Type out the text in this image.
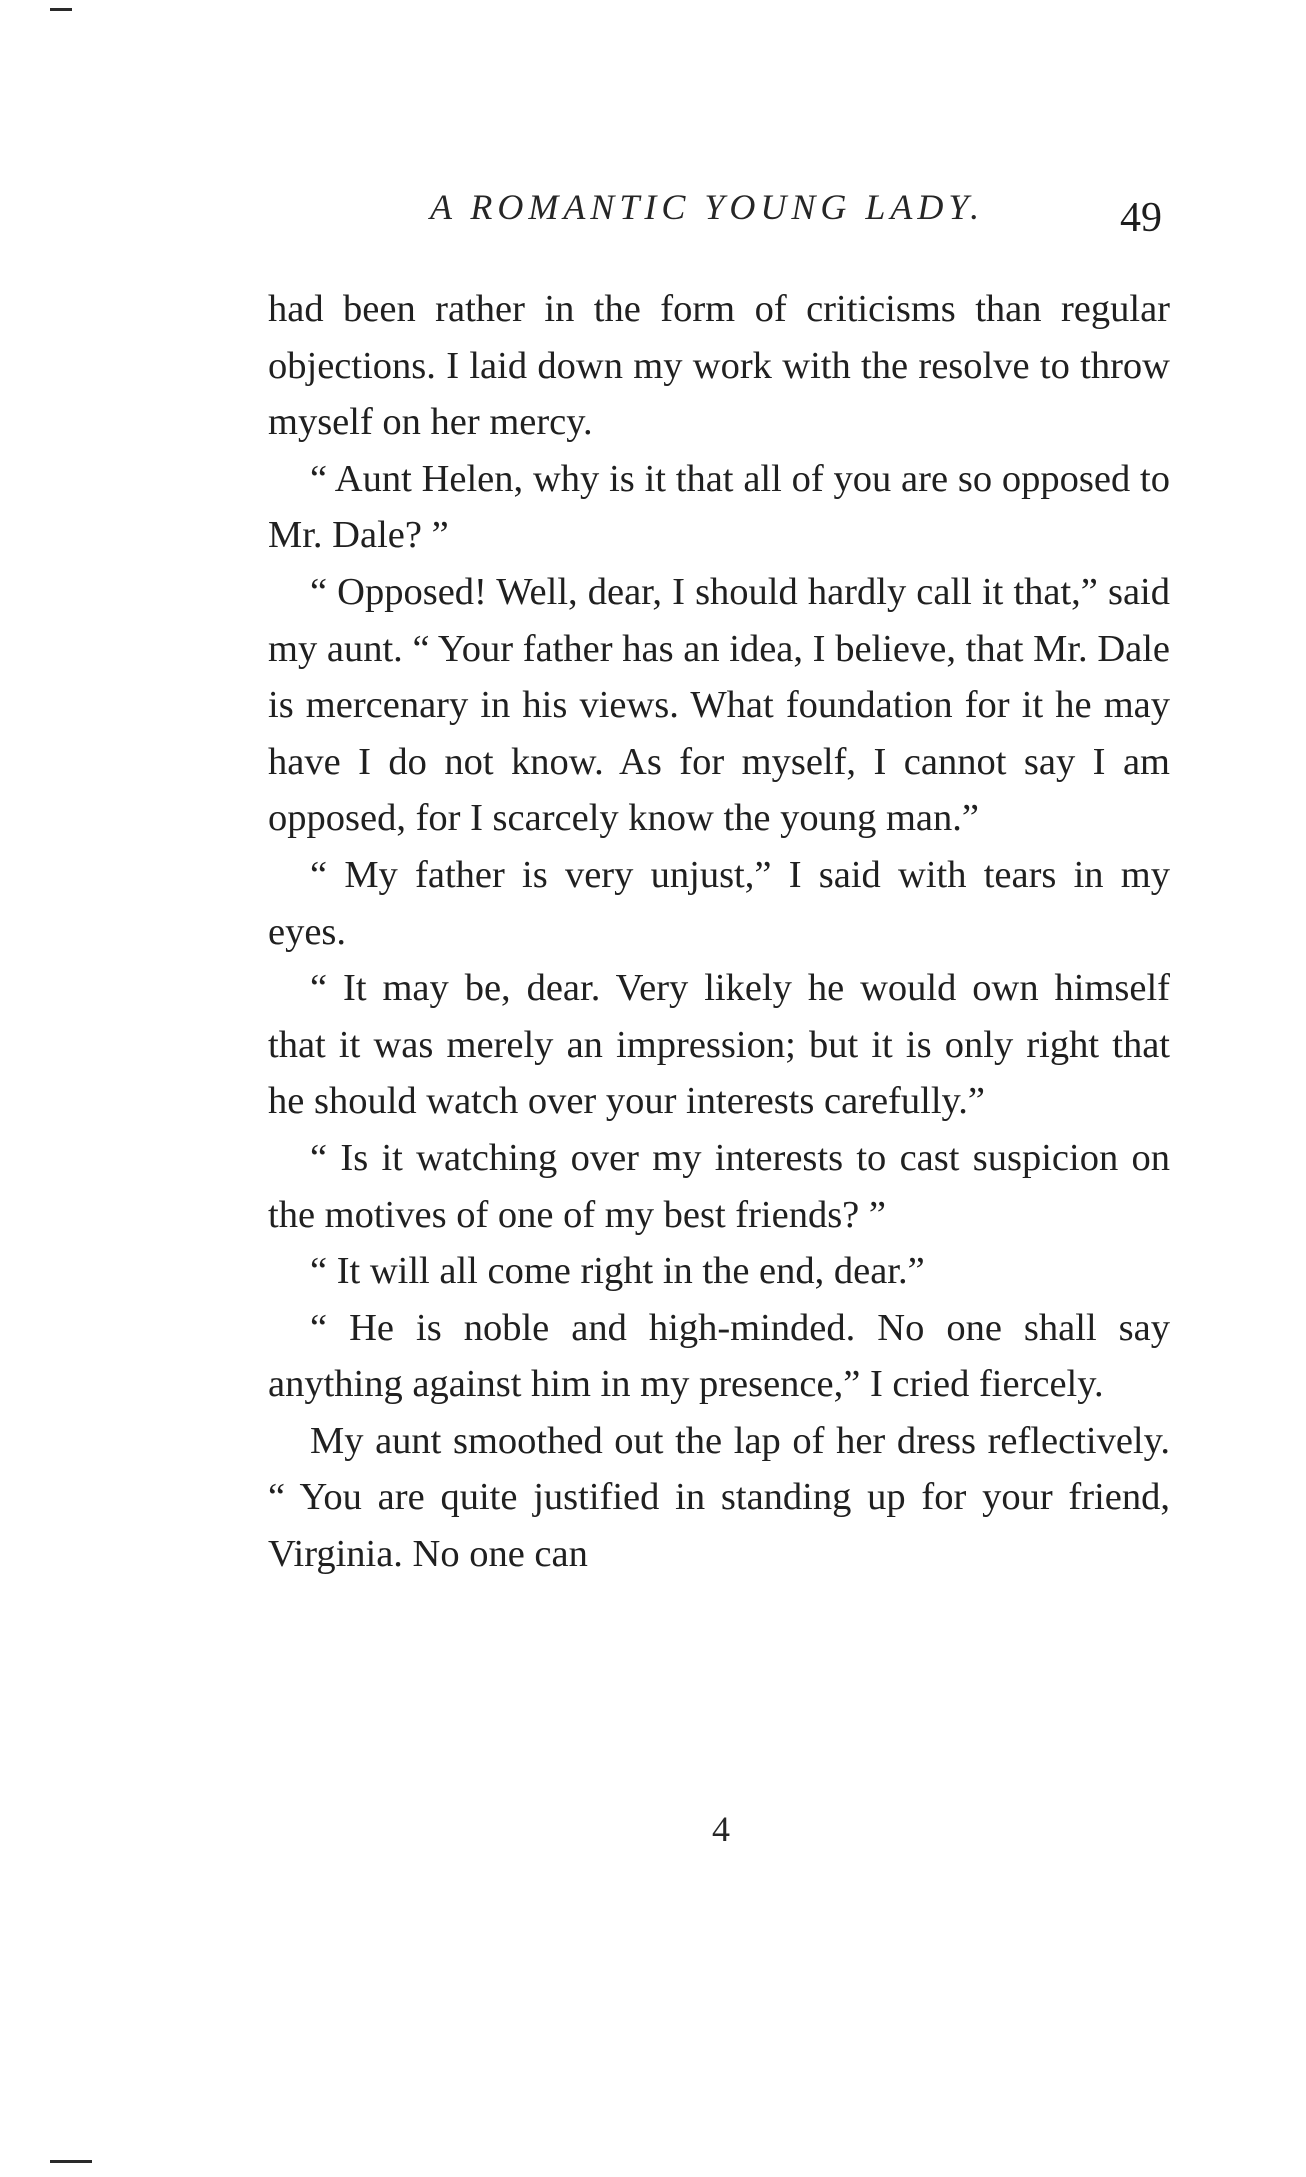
A ROMANTIC YOUNG LADY.	49

had been rather in the form of criticisms than regular objections. I laid down my work with the resolve to throw myself on her mercy.

“ Aunt Helen, why is it that all of you are so opposed to Mr. Dale? ”

“ Opposed! Well, dear, I should hardly call it that,” said my aunt. “ Your father has an idea, I believe, that Mr. Dale is mercenary in his views. What foundation for it he may have I do not know. As for myself, I cannot say I am opposed, for I scarcely know the young man.”

“ My father is very unjust,” I said with tears in my eyes.

“ It may be, dear. Very likely he would own himself that it was merely an impression; but it is only right that he should watch over your interests carefully.”

“ Is it watching over my interests to cast suspicion on the motives of one of my best friends? ”

“ It will all come right in the end, dear.”

“ He is noble and high-minded. No one shall say anything against him in my presence,” I cried fiercely.

My aunt smoothed out the lap of her dress reflectively. “ You are quite justified in standing up for your friend, Virginia. No one can

4
